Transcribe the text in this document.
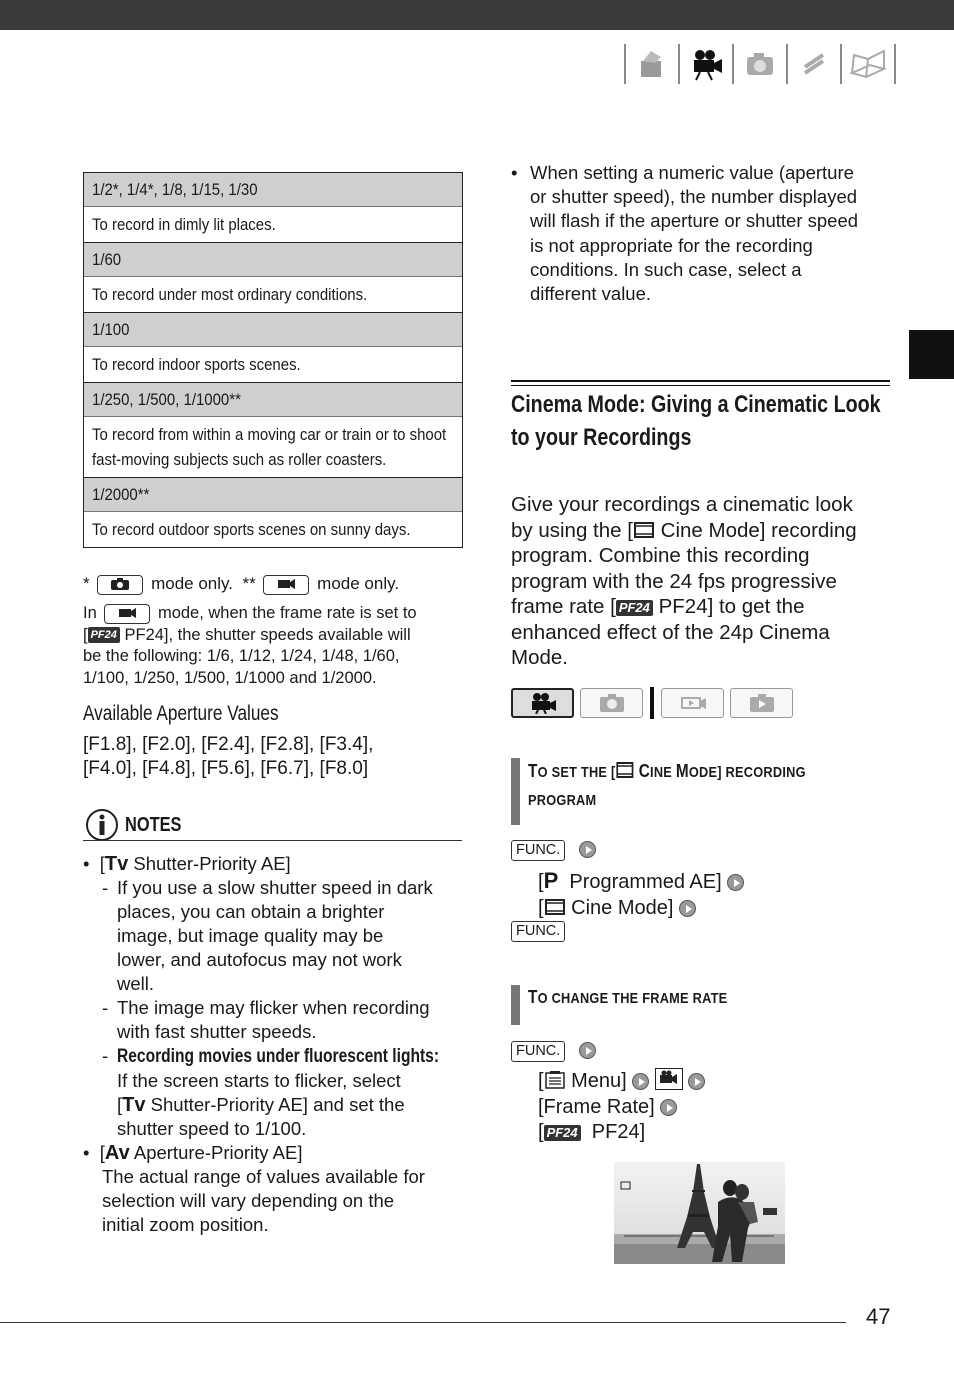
1/2*, 1/4*, 1/8, 1/15, 1/30
To record in dimly lit places.
1/60
To record under most ordinary conditions.
1/100
To record indoor sports scenes.
1/250, 1/500, 1/1000**
To record from within a moving car or train or to shoot fast-moving subjects such as roller coasters.
1/2000**
To record outdoor sports scenes on sunny days.
*	mode only. **	mode only.
In	mode, when the frame rate is set to
[ PF24 PF24], the shutter speeds available will
be the following: 1/6, 1/12, 1/24, 1/48, 1/60,
1/100, 1/250, 1/500, 1/1000 and 1/2000.
Available Aperture Values
[F1.8], [F2.0], [F2.4], [F2.8], [F3.4],
[F4.0], [F4.8], [F5.6], [F6.7], [F8.0]
NOTES
•  [Tv Shutter-Priority AE]
- If you use a slow shutter speed in dark
places, you can obtain a brighter
image, but image quality may be
lower, and autofocus may not work
well.
- The image may flicker when recording
with fast shutter speeds.
- Recording movies under fluorescent lights:
If the screen starts to flicker, select
[Tv Shutter-Priority AE] and set the
shutter speed to 1/100.
•  [Av Aperture-Priority AE]
The actual range of values available for
selection will vary depending on the
initial zoom position.
• When setting a numeric value (aperture
or shutter speed), the number displayed
will flash if the aperture or shutter speed
is not appropriate for the recording
conditions. In such case, select a
different value.
Cinema Mode: Giving a Cinematic Look
to your Recordings
Give your recordings a cinematic look
by using the [ Cine Mode] recording
program. Combine this recording
program with the 24 fps progressive
frame rate [ PF24 PF24] to get the
enhanced effect of the 24p Cinema
Mode.
TO SET THE [ CINE MODE] RECORDING
PROGRAM
FUNC.
[P Programmed AE]
[ Cine Mode]
FUNC.
TO CHANGE THE FRAME RATE
FUNC.
[ Menu]

[Frame Rate]
[ PF24 PF24]
47
